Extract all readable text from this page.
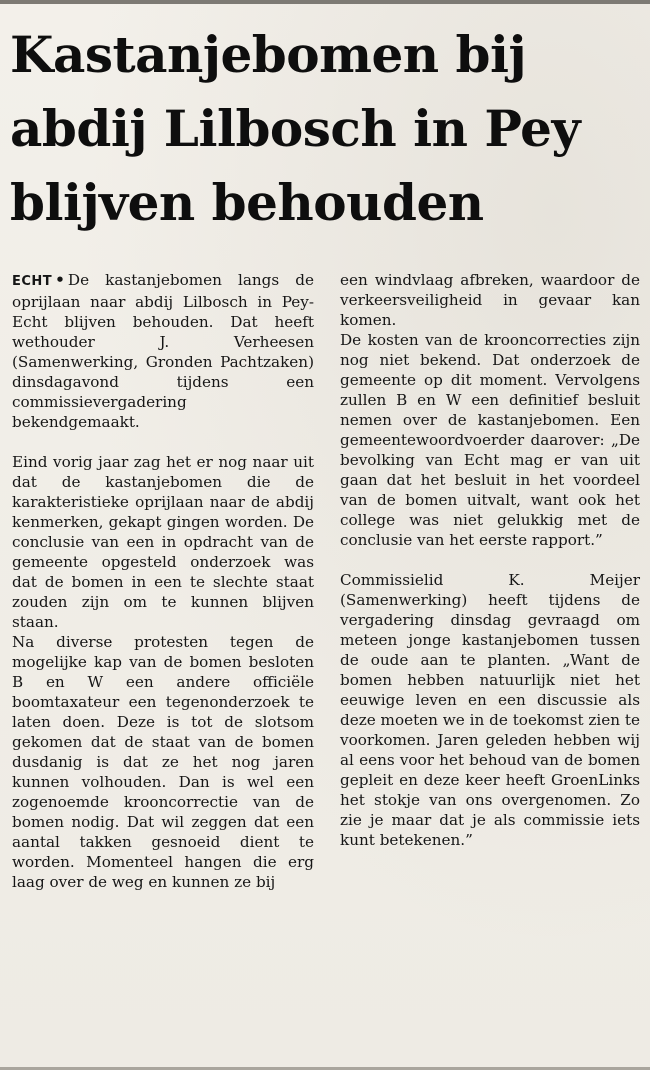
Kastanjebomen bij
abdij Lilbosch in Pey
blijven behouden

ECHT • De kastanjebomen langs de oprijlaan naar abdij Lilbosch in Pey-Echt blijven behouden. Dat heeft wethouder J. Verheesen (Samenwerking, Gronden Pachtzaken) dinsdagavond tijdens een commissievergadering bekendgemaakt.

Eind vorig jaar zag het er nog naar uit dat de kastanjebomen die de karakteristieke oprijlaan naar de abdij kenmerken, gekapt gingen worden. De conclusie van een in opdracht van de gemeente opgesteld onderzoek was dat de bomen in een te slechte staat zouden zijn om te kunnen blijven staan.

Na diverse protesten tegen de mogelijke kap van de bomen besloten B en W een andere officiële boomtaxateur een tegenonderzoek te laten doen. Deze is tot de slotsom gekomen dat de staat van de bomen dusdanig is dat ze het nog jaren kunnen volhouden. Dan is wel een zogenoemde krooncorrectie van de bomen nodig. Dat wil zeggen dat een aantal takken gesnoeid dient te worden. Momenteel hangen die erg laag over de weg en kunnen ze bij

een windvlaag afbreken, waardoor de verkeersveiligheid in gevaar kan komen.

De kosten van de krooncorrecties zijn nog niet bekend. Dat onderzoek de gemeente op dit moment. Vervolgens zullen B en W een definitief besluit nemen over de kastanjebomen. Een gemeentewoordvoerder daarover: „De bevolking van Echt mag er van uit gaan dat het besluit in het voordeel van de bomen uitvalt, want ook het college was niet gelukkig met de conclusie van het eerste rapport.”

Commissielid K. Meijer (Samenwerking) heeft tijdens de vergadering dinsdag gevraagd om meteen jonge kastanjebomen tussen de oude aan te planten. „Want de bomen hebben natuurlijk niet het eeuwige leven en een discussie als deze moeten we in de toekomst zien te voorkomen. Jaren geleden hebben wij al eens voor het behoud van de bomen gepleit en deze keer heeft GroenLinks het stokje van ons overgenomen. Zo zie je maar dat je als commissie iets kunt betekenen.”
